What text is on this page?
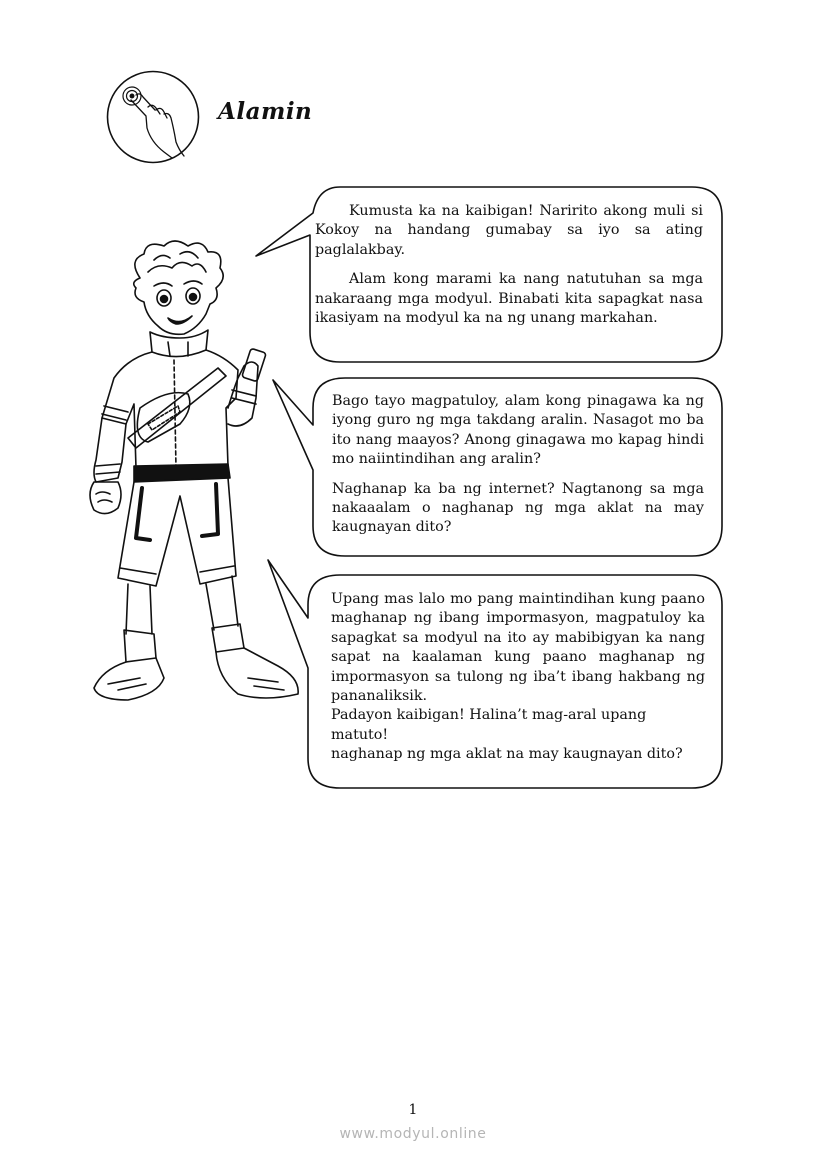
Alamin

Kumusta ka na kaibigan! Naririto akong muli si Kokoy na handang gumabay sa iyo sa ating paglalakbay.

Alam kong marami ka nang natutuhan sa mga nakaraang mga modyul. Binabati kita sapagkat nasa ikasiyam na modyul ka na ng unang markahan.

Bago tayo magpatuloy, alam kong pinagawa ka ng iyong guro ng mga takdang aralin. Nasagot mo ba ito nang maayos? Anong ginagawa mo kapag hindi mo naiintindihan ang aralin?

Naghanap ka ba ng internet? Nagtanong sa mga nakaaalam o naghanap ng mga aklat na may kaugnayan dito?

Upang mas lalo mo pang maintindihan kung paano maghanap ng ibang impormasyon, magpatuloy ka sapagkat sa modyul na ito ay mabibigyan ka nang sapat na kaalaman kung paano maghanap ng impormasyon sa tulong ng iba’t ibang hakbang ng pananaliksik.

Padayon kaibigan! Halina’t mag-aral upang matuto!

naghanap ng mga aklat na may kaugnayan dito?

1
www.modyul.online
